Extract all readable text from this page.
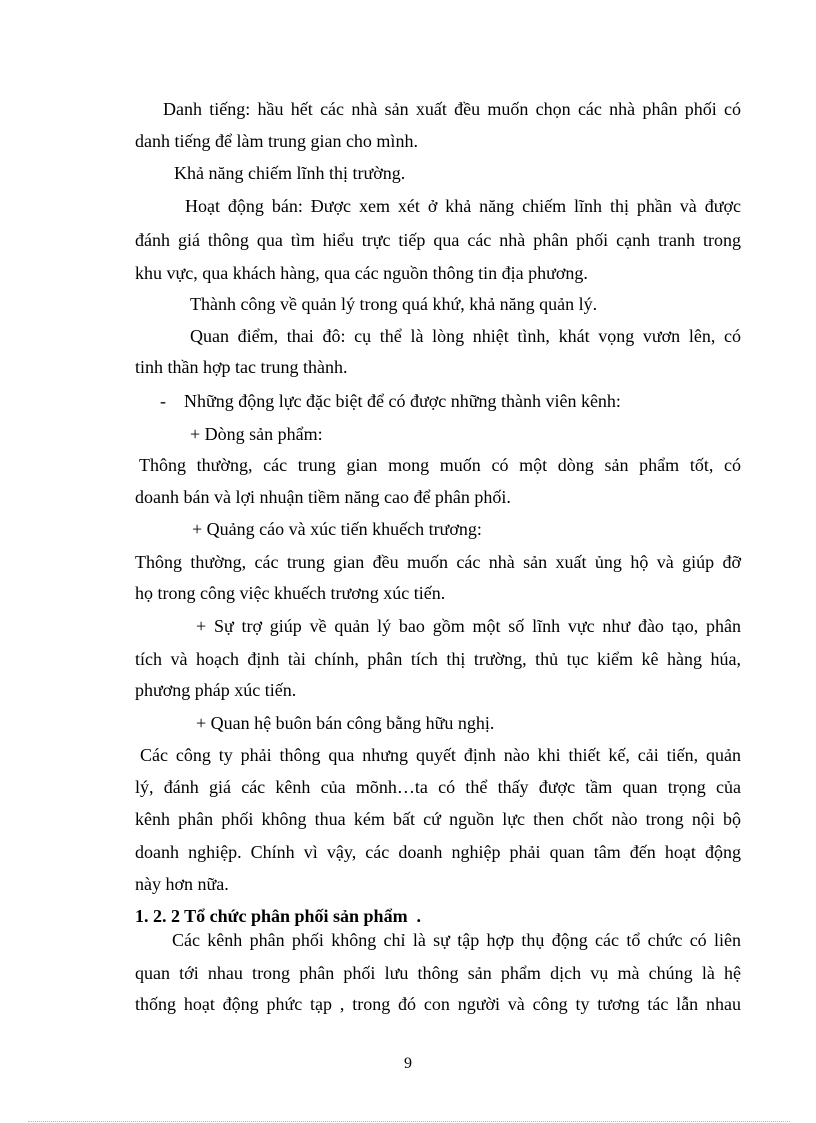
Danh tiếng: hầu hết các nhà sản xuất đều muốn chọn các nhà phân phối có
danh tiếng để làm trung gian cho mình.
Khả năng chiếm lĩnh thị trường.
Hoạt động bán: Được xem xét ở khả năng chiếm lĩnh thị phần và được
đánh giá thông qua tìm hiểu trực tiếp qua các nhà phân phối cạnh tranh trong
khu vực, qua khách hàng, qua các nguồn thông tin địa phương.
Thành công về quản lý trong quá khứ, khả năng quản lý.
Quan điểm, thai đô: cụ thể là lòng nhiệt tình, khát vọng vươn lên, có
tinh thần hợp tac trung thành.
-    Những động lực đặc biệt để có được những thành viên kênh:
+ Dòng sản phẩm:
Thông thường, các trung gian mong muốn có một dòng sản phẩm tốt, có
doanh bán và lợi nhuận tiềm năng cao để phân phối.
+ Quảng cáo và xúc tiến khuếch trương:
Thông thường, các trung gian đều muốn các nhà sản xuất ủng hộ và giúp đỡ
họ trong công việc khuếch trương xúc tiến.
+ Sự trợ giúp về quản lý bao gồm một số lĩnh vực như đào tạo, phân
tích và hoạch định tài chính, phân tích thị trường, thủ tục kiểm kê hàng húa,
phương pháp xúc tiến.
+ Quan hệ buôn bán công bằng hữu nghị.
Các công ty phải thông qua nhưng quyết định nào khi thiết kế, cải tiến, quản
lý, đánh giá các kênh của mõnh…ta có thể thấy được tầm quan trọng của
kênh phân phối không thua kém bất cứ nguồn lực then chốt nào trong nội bộ
doanh nghiệp. Chính vì vậy, các doanh nghiệp phải quan tâm đến hoạt động
này hơn nữa.
1. 2. 2 Tổ chức phân phối sản phẩm  .
Các kênh phân phối không chỉ là sự tập hợp thụ động các tổ chức có liên
quan tới nhau trong phân phối lưu thông sản phẩm dịch vụ mà chúng là hệ
thống hoạt động phức tạp , trong đó con người và công ty tương tác lẫn nhau
9
